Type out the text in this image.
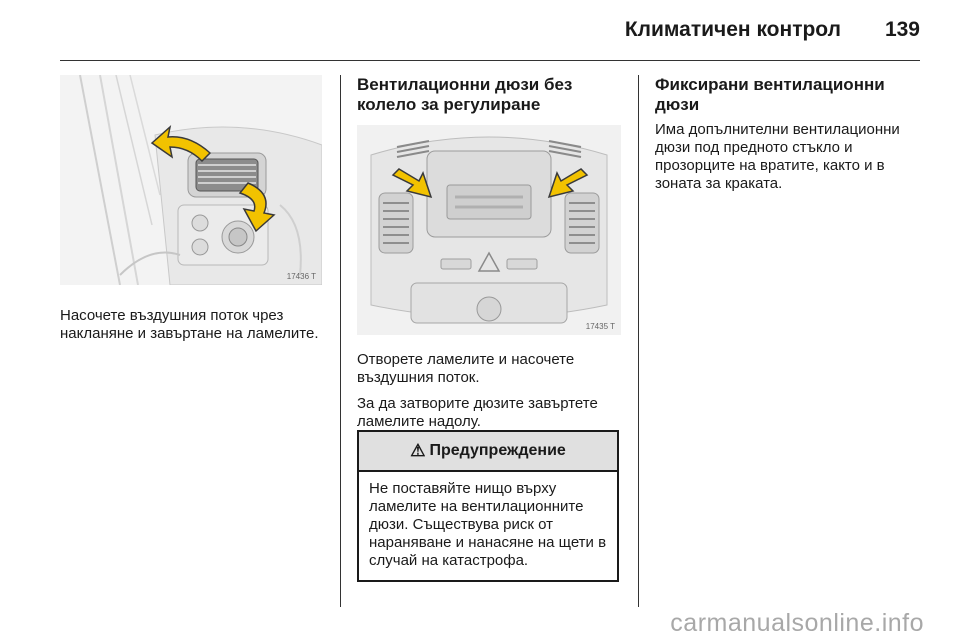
Климатичен контрол 139
17436 T

Насочете въздушния поток чрез накланяне и завъртане на ламелите.

Вентилационни дюзи без колело за регулиране

17435 T

Отворете ламелите и насочете въздушния поток.

За да затворите дюзите завъртете ламелите надолу.

⚠ Предупреждение
Не поставяйте нищо върху ламелите на вентилационните дюзи. Съществува риск от нараняване и нанасяне на щети в случай на катастрофа.

Фиксирани вентилационни дюзи

Има допълнителни вентилационни дюзи под предното стъкло и прозорците на вратите, както и в зоната за краката.

carmanualsonline.info
